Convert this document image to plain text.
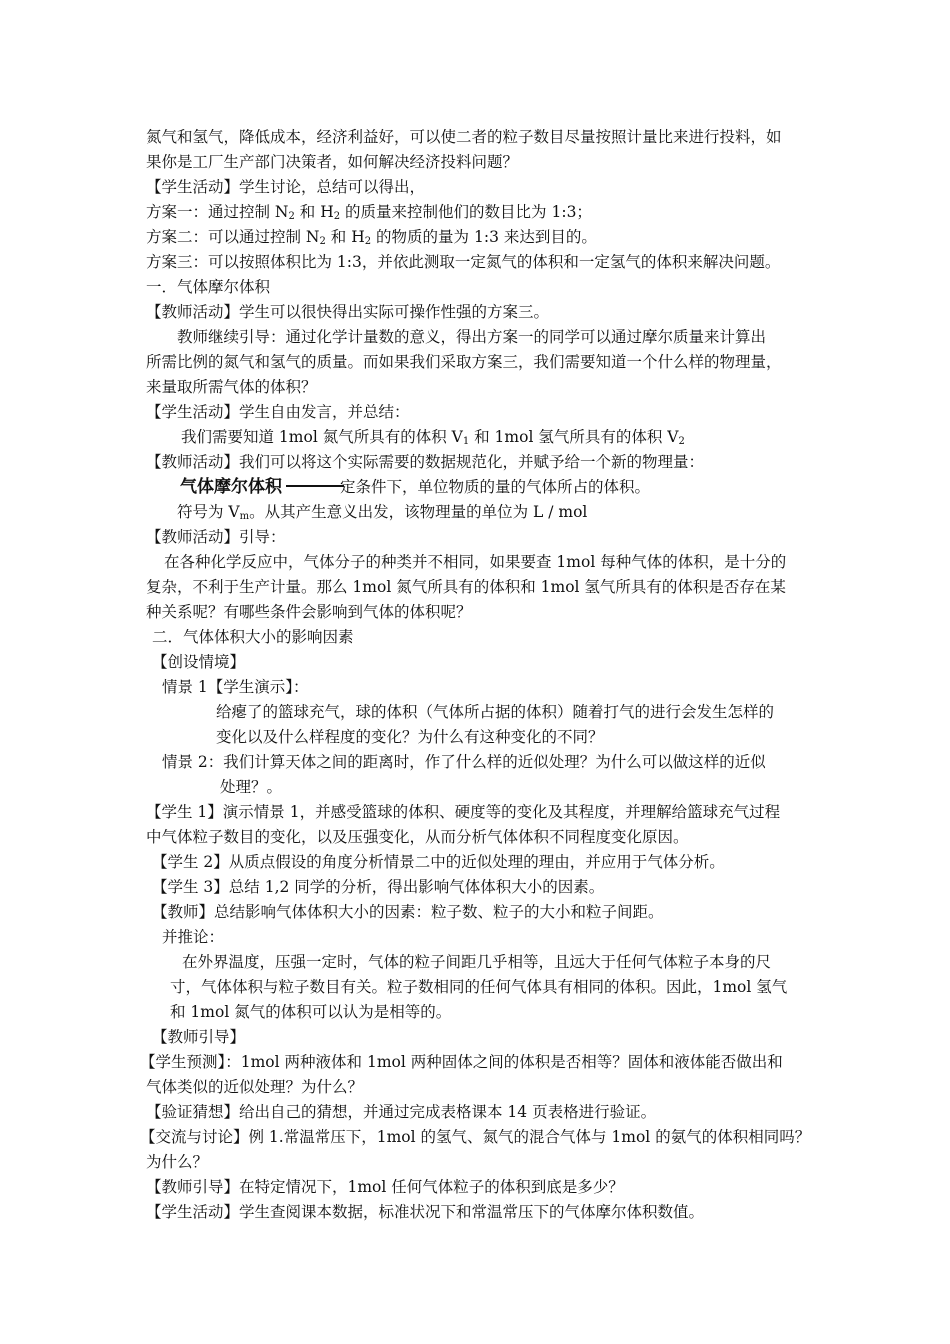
氮气和氢气，降低成本，经济利益好，可以使二者的粒子数目尽量按照计量比来进行投料，如
果你是工厂生产部门决策者，如何解决经济投料问题？
【学生活动】学生讨论，总结可以得出，
方案一：通过控制 $N_2$ 和 $H_2$ 的质量来控制他们的数目比为 1:3；
方案二：可以通过控制 $N_2$ 和 $H_2$ 的物质的量为 1:3 来达到目的。
方案三：可以按照体积比为 1:3，并依此测取一定氮气的体积和一定氢气的体积来解决问题。
一．气体摩尔体积
【教师活动】学生可以很快得出实际可操作性强的方案三。
教师继续引导：通过化学计量数的意义，得出方案一的同学可以通过摩尔质量来计算出
所需比例的氮气和氢气的质量。而如果我们采取方案三，我们需要知道一个什么样的物理量，
来量取所需气体的体积？
【学生活动】学生自由发言，并总结：
我们需要知道 1mol 氮气所具有的体积 $V_1$ 和 1mol 氢气所具有的体积 $V_2$
【教师活动】我们可以将这个实际需要的数据规范化，并赋予给一个新的物理量：
气体摩尔体积	定条件下，单位物质的量的气体所占的体积。
符号为 $V_m$。从其产生意义出发，该物理量的单位为 L / mol
【教师活动】引导：
在各种化学反应中，气体分子的种类并不相同，如果要查 1mol 每种气体的体积，是十分的
复杂，不利于生产计量。那么 1mol 氮气所具有的体积和 1mol 氢气所具有的体积是否存在某
种关系呢？有哪些条件会影响到气体的体积呢？
二．气体体积大小的影响因素
【创设情境】
情景 1【学生演示】：
给瘪了的篮球充气，球的体积（气体所占据的体积）随着打气的进行会发生怎样的
变化以及什么样程度的变化？为什么有这种变化的不同？
情景 2：我们计算天体之间的距离时，作了什么样的近似处理？为什么可以做这样的近似
处理？。
【学生 1】演示情景 1，并感受篮球的体积、硬度等的变化及其程度，并理解给篮球充气过程
中气体粒子数目的变化，以及压强变化，从而分析气体体积不同程度变化原因。
【学生 2】从质点假设的角度分析情景二中的近似处理的理由，并应用于气体分析。
【学生 3】总结 1,2 同学的分析，得出影响气体体积大小的因素。
【教师】总结影响气体体积大小的因素：粒子数、粒子的大小和粒子间距。
并推论：
在外界温度，压强一定时，气体的粒子间距几乎相等，且远大于任何气体粒子本身的尺
寸，气体体积与粒子数目有关。粒子数相同的任何气体具有相同的体积。因此，1mol 氢气
和 1mol 氮气的体积可以认为是相等的。
【教师引导】
【学生预测】：1mol 两种液体和 1mol 两种固体之间的体积是否相等？固体和液体能否做出和
气体类似的近似处理？为什么？
【验证猜想】给出自己的猜想，并通过完成表格课本 14 页表格进行验证。
【交流与讨论】例 1.常温常压下，1mol 的氢气、氮气的混合气体与 1mol 的氨气的体积相同吗？
为什么？
【教师引导】在特定情况下，1mol 任何气体粒子的体积到底是多少？
【学生活动】学生查阅课本数据，标准状况下和常温常压下的气体摩尔体积数值。
